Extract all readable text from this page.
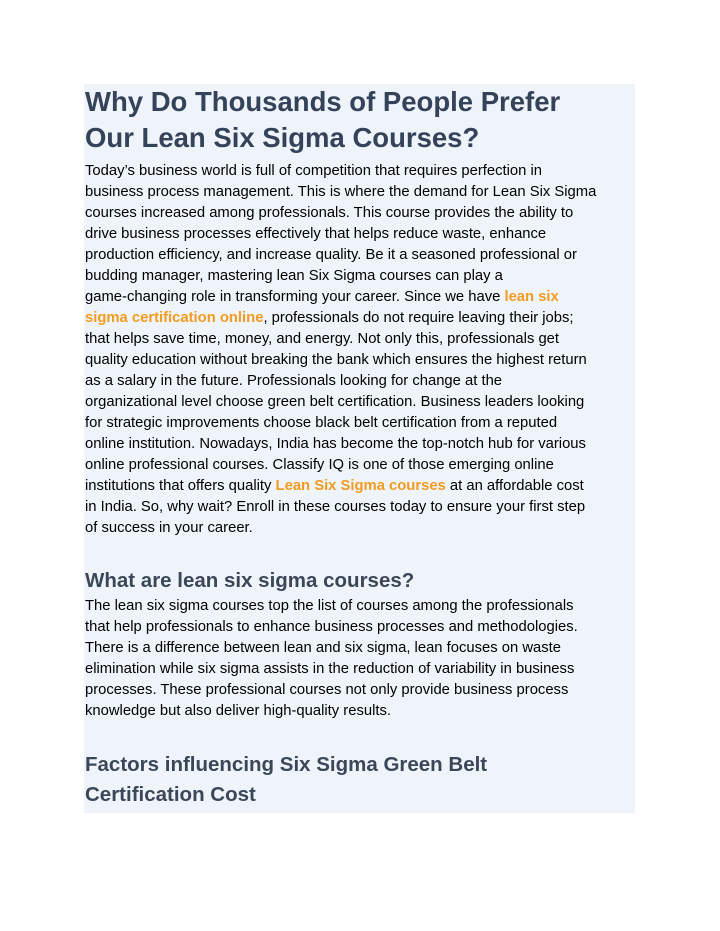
Why Do Thousands of People Prefer
Our Lean Six Sigma Courses?
Today’s business world is full of competition that requires perfection in
business process management. This is where the demand for Lean Six Sigma
courses increased among professionals. This course provides the ability to
drive business processes effectively that helps reduce waste, enhance
production efficiency, and increase quality. Be it a seasoned professional or
budding manager, mastering lean Six Sigma courses can play a
game-changing role in transforming your career. Since we have lean six
sigma certification online, professionals do not require leaving their jobs;
that helps save time, money, and energy. Not only this, professionals get
quality education without breaking the bank which ensures the highest return
as a salary in the future. Professionals looking for change at the
organizational level choose green belt certification. Business leaders looking
for strategic improvements choose black belt certification from a reputed
online institution. Nowadays, India has become the top-notch hub for various
online professional courses. Classify IQ is one of those emerging online
institutions that offers quality Lean Six Sigma courses at an affordable cost
in India. So, why wait? Enroll in these courses today to ensure your first step
of success in your career.
What are lean six sigma courses?
The lean six sigma courses top the list of courses among the professionals
that help professionals to enhance business processes and methodologies.
There is a difference between lean and six sigma, lean focuses on waste
elimination while six sigma assists in the reduction of variability in business
processes. These professional courses not only provide business process
knowledge but also deliver high-quality results.
Factors influencing Six Sigma Green Belt
Certification Cost
